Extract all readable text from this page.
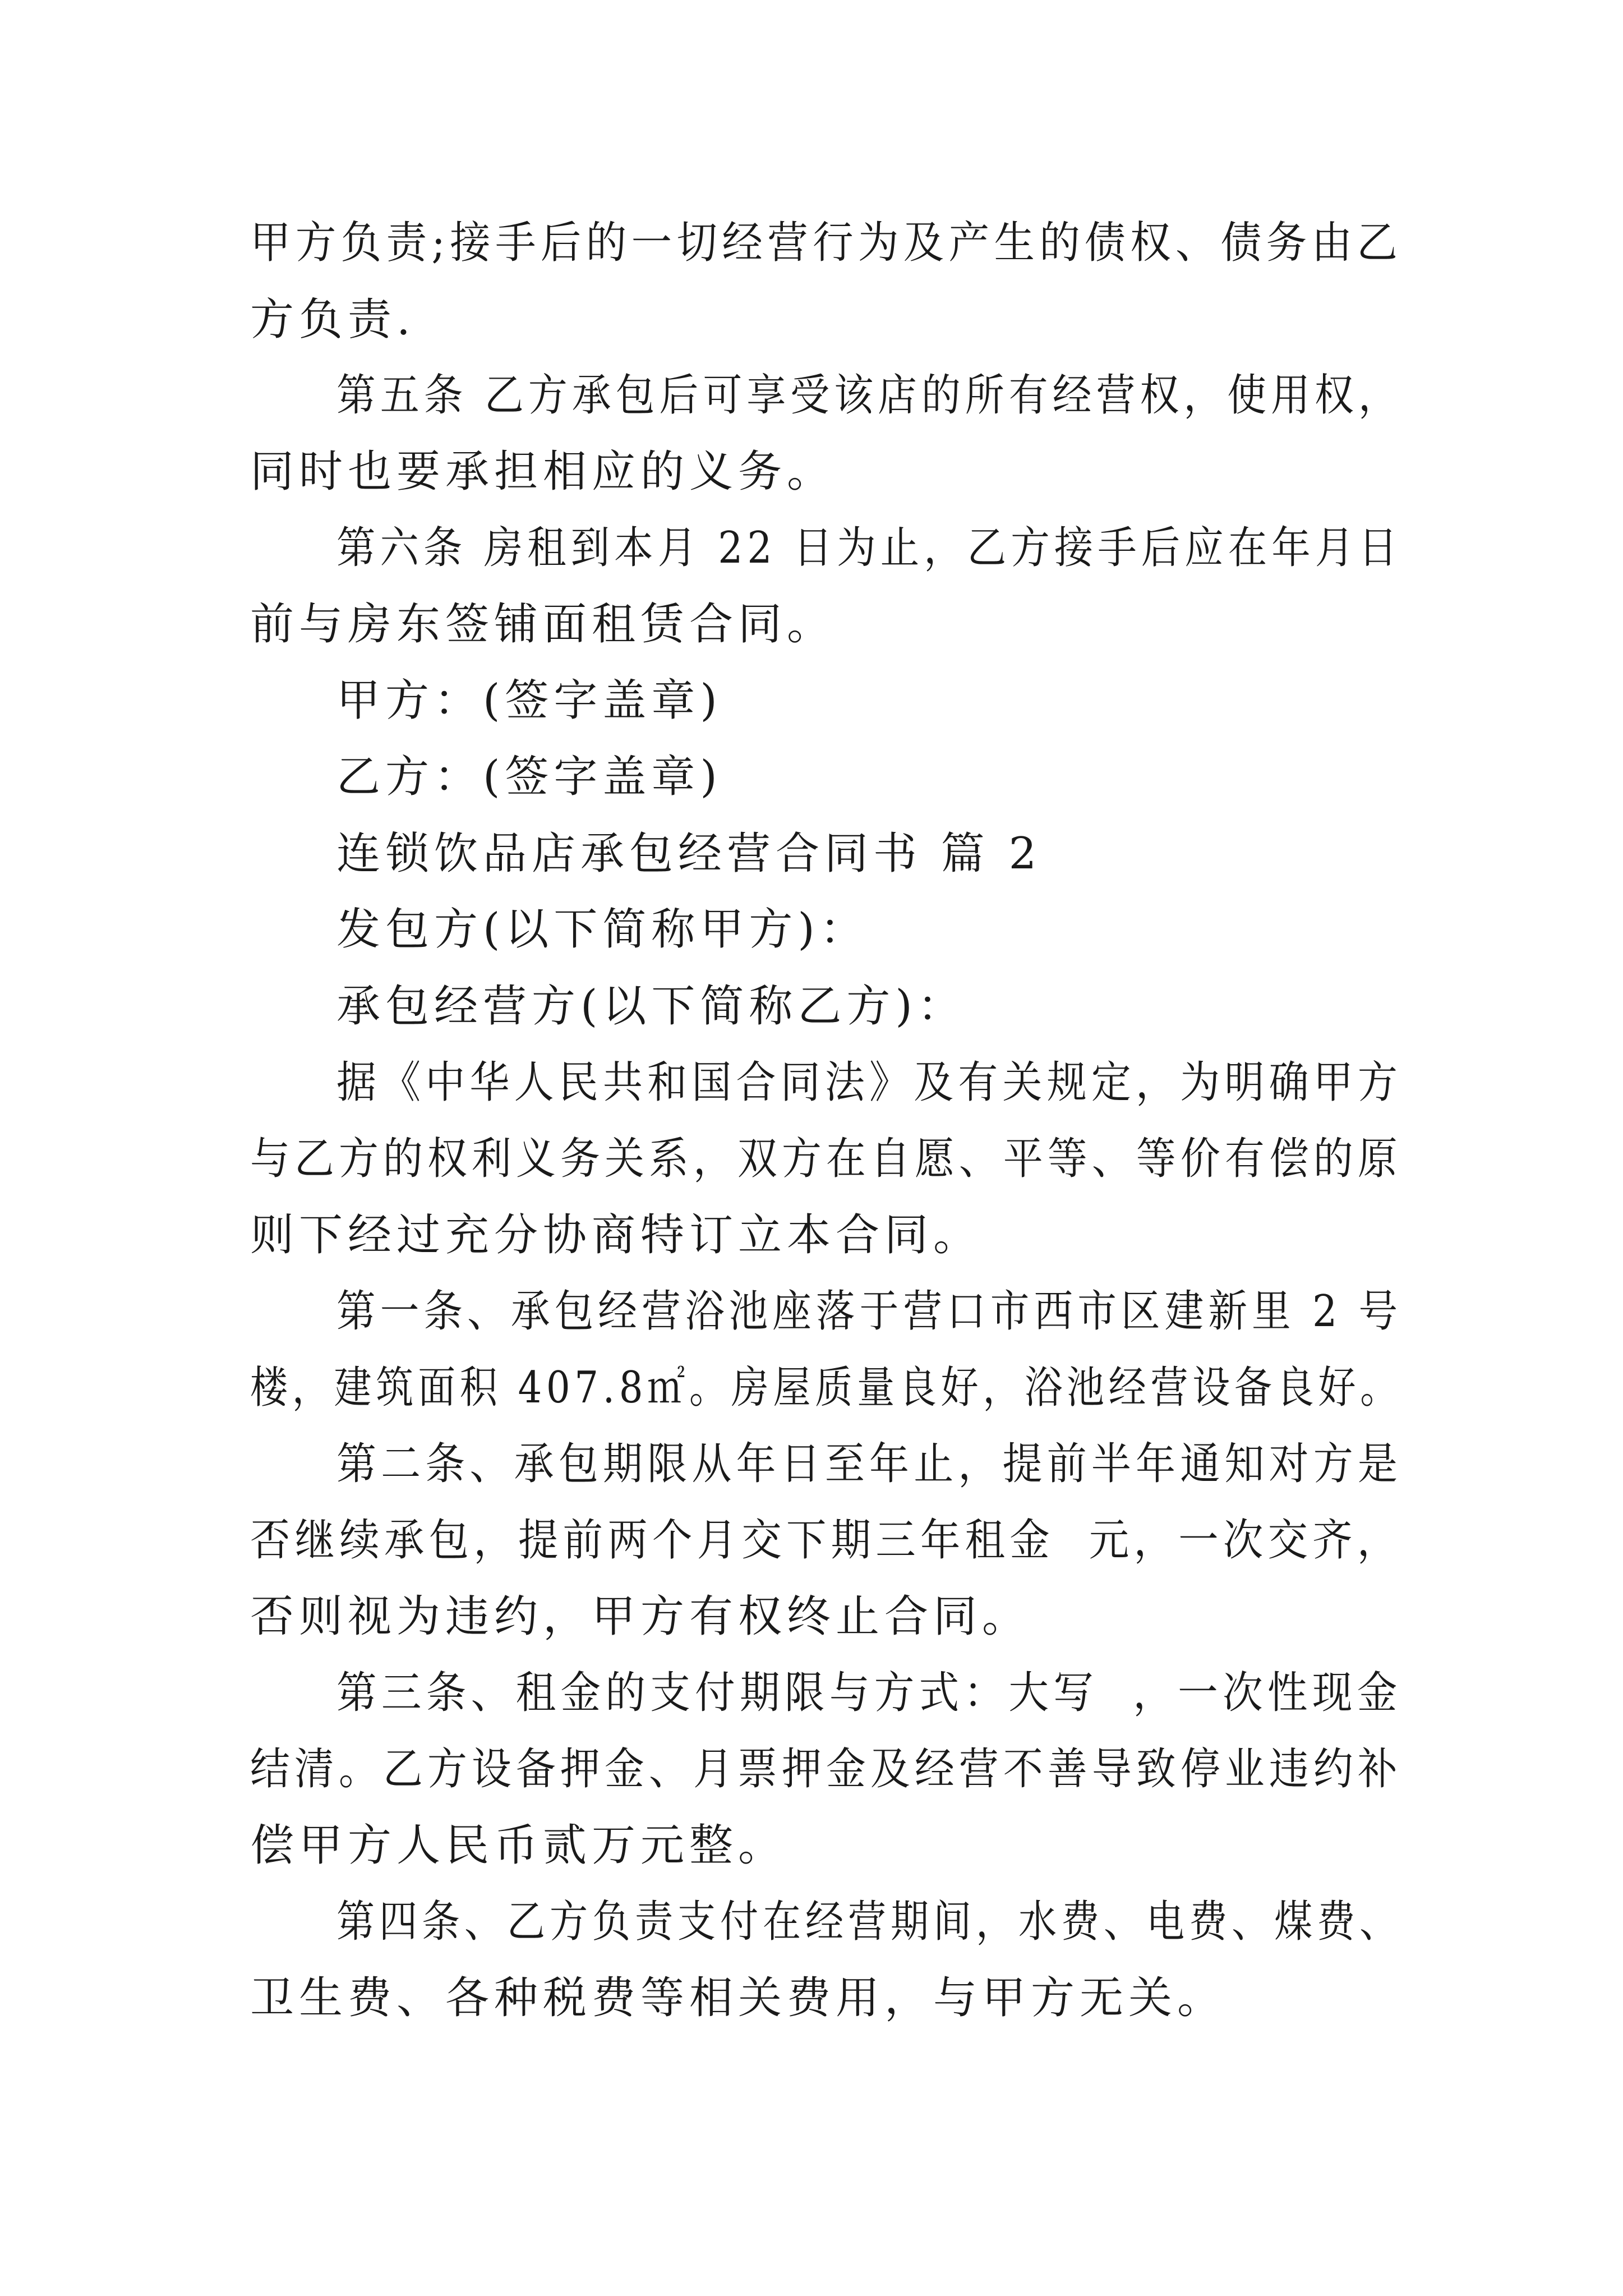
甲方负责;接手后的一切经营行为及产生的债权、债务由乙
方负责.
第五条 乙方承包后可享受该店的所有经营权，使用权，
同时也要承担相应的义务。
第六条 房租到本月 22 日为止，乙方接手后应在年月日
前与房东签铺面租赁合同。
甲方：(签字盖章)
乙方：(签字盖章)
连锁饮品店承包经营合同书 篇 2
发包方(以下简称甲方)：
承包经营方(以下简称乙方)：
据《中华人民共和国合同法》及有关规定，为明确甲方
与乙方的权利义务关系，双方在自愿、平等、等价有偿的原
则下经过充分协商特订立本合同。
第一条、承包经营浴池座落于营口市西市区建新里 2 号
楼，建筑面积 407.8㎡。房屋质量良好，浴池经营设备良好。
第二条、承包期限从年日至年止，提前半年通知对方是
否继续承包，提前两个月交下期三年租金  元，一次交齐，
否则视为违约，甲方有权终止合同。
第三条、租金的支付期限与方式：大写  ，一次性现金
结清。乙方设备押金、月票押金及经营不善导致停业违约补
偿甲方人民币贰万元整。
第四条、乙方负责支付在经营期间，水费、电费、煤费、
卫生费、各种税费等相关费用，与甲方无关。
